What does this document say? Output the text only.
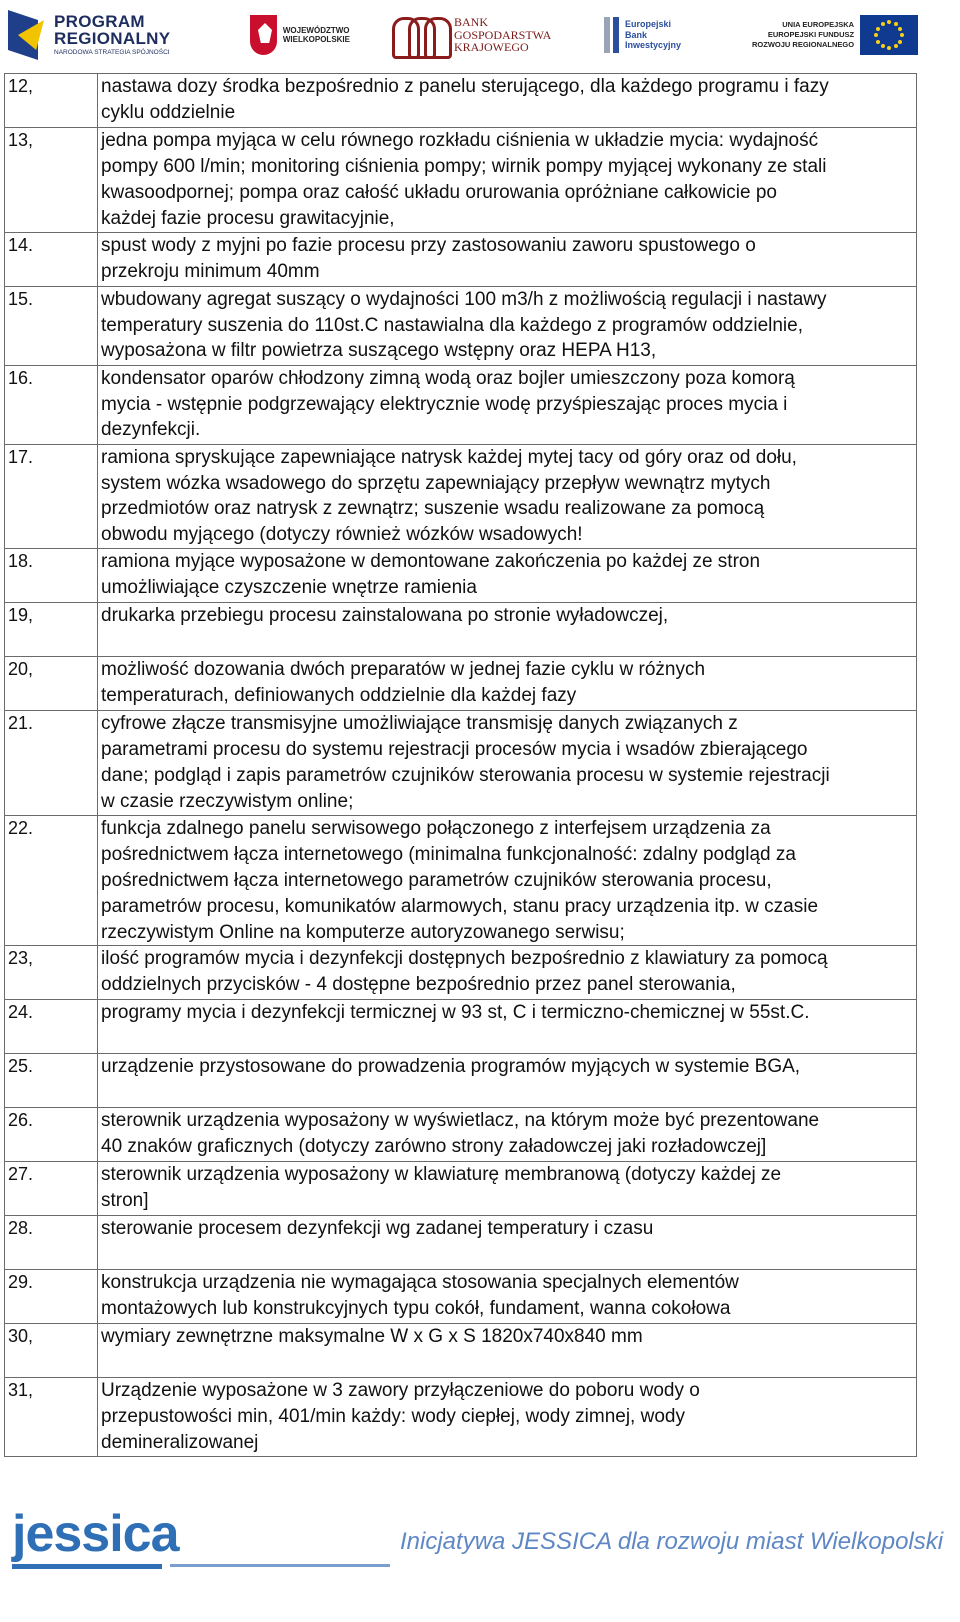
PROGRAM
REGIONALNY
NARODOWA STRATEGIA SPÓJNOŚCI
WOJEWÓDZTWO
WIELKOPOLSKIE
BANK
GOSPODARSTWA
KRAJOWEGO
Europejski
Bank
Inwestycyjny
UNIA EUROPEJSKA
EUROPEJSKI FUNDUSZ
ROZWOJU REGIONALNEGO
12,	nastawa dozy środka bezpośrednio z panelu sterującego, dla każdego programu i fazy
cyklu oddzielnie

13,	jedna pompa myjąca w celu równego rozkładu ciśnienia w układzie mycia: wydajność
pompy 600 l/min; monitoring ciśnienia pompy; wirnik pompy myjącej wykonany ze stali
kwasoodpornej; pompa oraz całość układu orurowania opróżniane całkowicie po
każdej fazie procesu grawitacyjnie,

14.	spust wody z myjni po fazie procesu przy zastosowaniu zaworu spustowego o
przekroju minimum 40mm

15.	wbudowany agregat suszący o wydajności 100 m3/h z możliwością regulacji i nastawy
temperatury suszenia do 110st.C nastawialna dla każdego z programów oddzielnie,
wyposażona w filtr powietrza suszącego wstępny oraz HEPA H13,

16.	kondensator oparów chłodzony zimną wodą oraz bojler umieszczony poza komorą
mycia - wstępnie podgrzewający elektrycznie wodę przyśpieszając proces mycia i
dezynfekcji.

17.	ramiona spryskujące zapewniające natrysk każdej mytej tacy od góry oraz od dołu,
system wózka wsadowego do sprzętu zapewniający przepływ wewnątrz mytych
przedmiotów oraz natrysk z zewnątrz; suszenie wsadu realizowane za pomocą
obwodu myjącego (dotyczy również wózków wsadowych!

18.	ramiona myjące wyposażone w demontowane zakończenia po każdej ze stron
umożliwiające czyszczenie wnętrze ramienia

19,	drukarka przebiegu procesu zainstalowana po stronie wyładowczej,

20,	możliwość dozowania dwóch preparatów w jednej fazie cyklu w różnych
temperaturach, definiowanych oddzielnie dla każdej fazy

21.	cyfrowe złącze transmisyjne umożliwiające transmisję danych związanych z
parametrami procesu do systemu rejestracji procesów mycia i wsadów zbierającego
dane; podgląd i zapis parametrów czujników sterowania procesu w systemie rejestracji
w czasie rzeczywistym online;

22.	funkcja zdalnego panelu serwisowego połączonego z interfejsem urządzenia za
pośrednictwem łącza internetowego (minimalna funkcjonalność: zdalny podgląd za
pośrednictwem łącza internetowego parametrów czujników sterowania procesu,
parametrów procesu, komunikatów alarmowych, stanu pracy urządzenia itp. w czasie
rzeczywistym Online na komputerze autoryzowanego serwisu;

23,	ilość programów mycia i dezynfekcji dostępnych bezpośrednio z klawiatury za pomocą
oddzielnych przycisków - 4 dostępne bezpośrednio przez panel sterowania,

24.	programy mycia i dezynfekcji termicznej w 93 st, C i termiczno-chemicznej w 55st.C.

25.	urządzenie przystosowane do prowadzenia programów myjących w systemie BGA,

26.	sterownik urządzenia wyposażony w wyświetlacz, na którym może być prezentowane
40 znaków graficznych (dotyczy zarówno strony załadowczej jaki rozładowczej]

27.	sterownik urządzenia wyposażony w klawiaturę membranową (dotyczy każdej ze
stron]

28.	sterowanie procesem dezynfekcji wg zadanej temperatury i czasu

29.	konstrukcja urządzenia nie wymagająca stosowania specjalnych elementów
montażowych lub konstrukcyjnych typu cokół, fundament, wanna cokołowa

30,	wymiary zewnętrzne maksymalne W x G x S 1820x740x840 mm

31,	Urządzenie wyposażone w 3 zawory przyłączeniowe do poboru wody o
przepustowości min, 401/min każdy: wody ciepłej, wody zimnej, wody
demineralizowanej
jessica	Inicjatywa JESSICA dla rozwoju miast Wielkopolski
